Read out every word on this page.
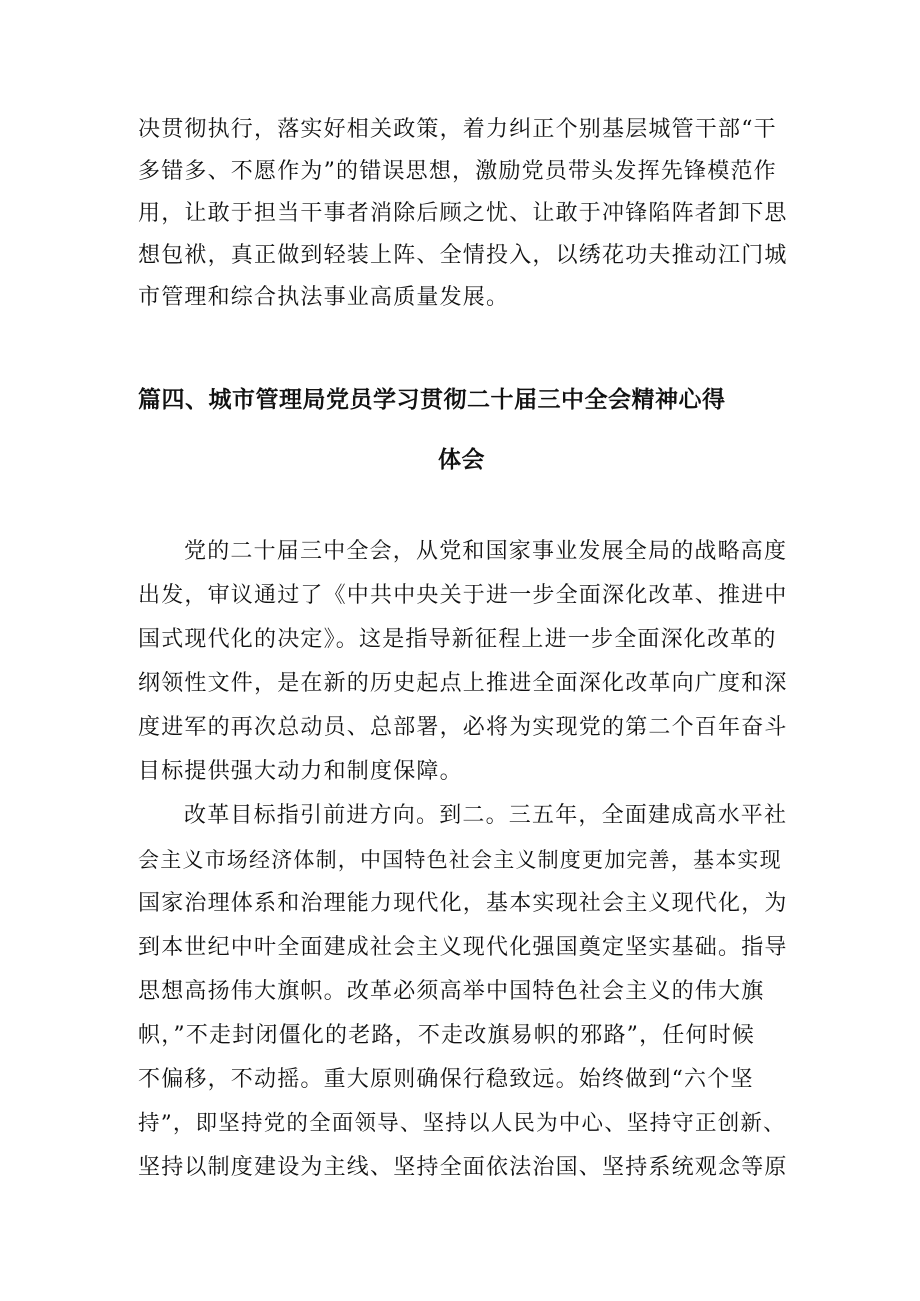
决贯彻执行，落实好相关政策，着力纠正个别基层城管干部“干
多错多、不愿作为”的错误思想，激励党员带头发挥先锋模范作
用，让敢于担当干事者消除后顾之忧、让敢于冲锋陷阵者卸下思
想包袱，真正做到轻装上阵、全情投入，以绣花功夫推动江门城
市管理和综合执法事业高质量发展。
篇四、城市管理局党员学习贯彻二十届三中全会精神心得
体会
党的二十届三中全会，从党和国家事业发展全局的战略高度
出发，审议通过了《中共中央关于进一步全面深化改革、推进中
国式现代化的决定》。这是指导新征程上进一步全面深化改革的
纲领性文件，是在新的历史起点上推进全面深化改革向广度和深
度进军的再次总动员、总部署，必将为实现党的第二个百年奋斗
目标提供强大动力和制度保障。
改革目标指引前进方向。到二。三五年，全面建成高水平社
会主义市场经济体制，中国特色社会主义制度更加完善，基本实现
国家治理体系和治理能力现代化，基本实现社会主义现代化，为
到本世纪中叶全面建成社会主义现代化强国奠定坚实基础。指导
思想高扬伟大旗帜。改革必须高举中国特色社会主义的伟大旗
帜，”不走封闭僵化的老路，不走改旗易帜的邪路”，任何时候
不偏移，不动摇。重大原则确保行稳致远。始终做到“六个坚
持”，即坚持党的全面领导、坚持以人民为中心、坚持守正创新、
坚持以制度建设为主线、坚持全面依法治国、坚持系统观念等原
